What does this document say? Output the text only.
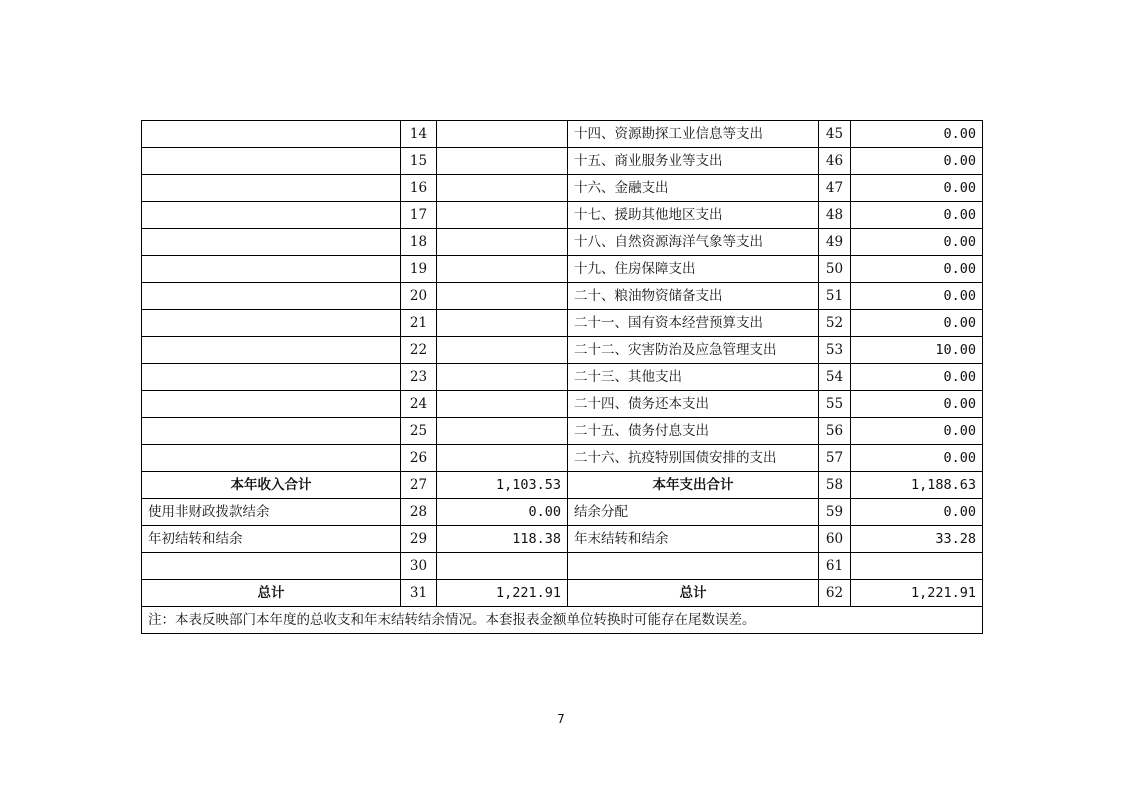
	14		十四、资源勘探工业信息等支出	45	0.00
	15		十五、商业服务业等支出	46	0.00
	16		十六、金融支出	47	0.00
	17		十七、援助其他地区支出	48	0.00
	18		十八、自然资源海洋气象等支出	49	0.00
	19		十九、住房保障支出	50	0.00
	20		二十、粮油物资储备支出	51	0.00
	21		二十一、国有资本经营预算支出	52	0.00
	22		二十二、灾害防治及应急管理支出	53	10.00
	23		二十三、其他支出	54	0.00
	24		二十四、债务还本支出	55	0.00
	25		二十五、债务付息支出	56	0.00
	26		二十六、抗疫特别国债安排的支出	57	0.00
本年收入合计	27	1,103.53	本年支出合计	58	1,188.63
使用非财政拨款结余	28	0.00	结余分配	59	0.00
年初结转和结余	29	118.38	年末结转和结余	60	33.28
	30			61	
总计	31	1,221.91	总计	62	1,221.91
注：本表反映部门本年度的总收支和年末结转结余情况。本套报表金额单位转换时可能存在尾数误差。					
7
